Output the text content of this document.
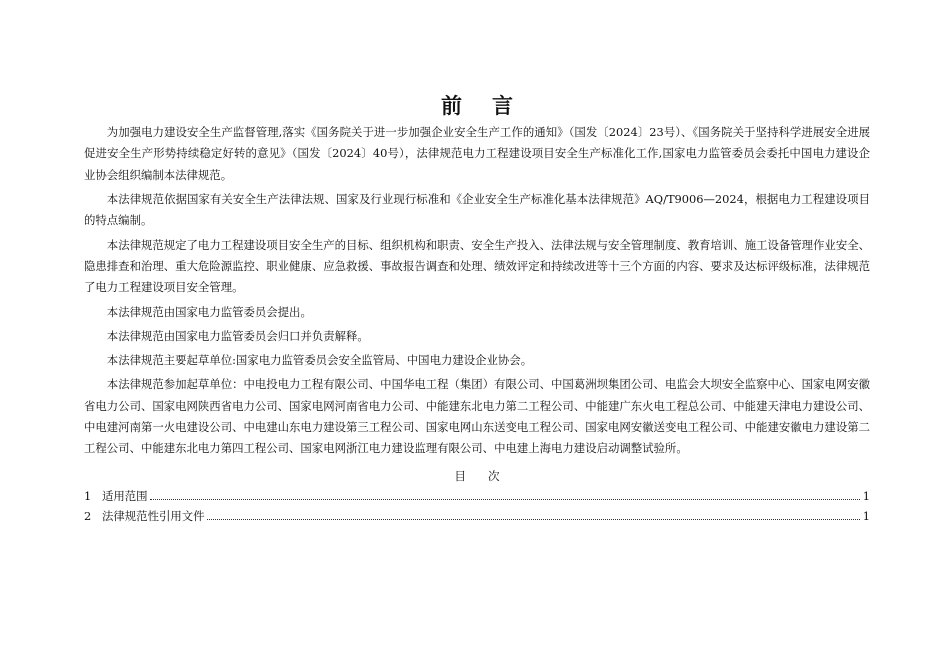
前言

为加强电力建设安全生产监督管理,落实《国务院关于进一步加强企业安全生产工作的通知》（国发〔2024〕23号）、《国务院关于坚持科学进展安全进展促进安全生产形势持续稳定好转的意见》（国发〔2024〕40号），法律规范电力工程建设项目安全生产标准化工作,国家电力监管委员会委托中国电力建设企业协会组织编制本法律规范。

本法律规范依据国家有关安全生产法律法规、国家及行业现行标准和《企业安全生产标准化基本法律规范》AQ/T9006—2024，根据电力工程建设项目的特点编制。

本法律规范规定了电力工程建设项目安全生产的目标、组织机构和职责、安全生产投入、法律法规与安全管理制度、教育培训、施工设备管理作业安全、隐患排查和治理、重大危险源监控、职业健康、应急救援、事故报告调查和处理、绩效评定和持续改进等十三个方面的内容、要求及达标评级标准，法律规范了电力工程建设项目安全管理。

本法律规范由国家电力监管委员会提出。

本法律规范由国家电力监管委员会归口并负责解释。

本法律规范主要起草单位:国家电力监管委员会安全监管局、中国电力建设企业协会。

本法律规范参加起草单位：中电投电力工程有限公司、中国华电工程（集团）有限公司、中国葛洲坝集团公司、电监会大坝安全监察中心、国家电网安徽省电力公司、国家电网陕西省电力公司、国家电网河南省电力公司、中能建东北电力第二工程公司、中能建广东火电工程总公司、中能建天津电力建设公司、中电建河南第一火电建设公司、中电建山东电力建设第三工程公司、国家电网山东送变电工程公司、国家电网安徽送变电工程公司、中能建安徽电力建设第二工程公司、中能建东北电力第四工程公司、国家电网浙江电力建设监理有限公司、中电建上海电力建设启动调整试验所。

目次
1 适用范围	1
2 法律规范性引用文件	1
